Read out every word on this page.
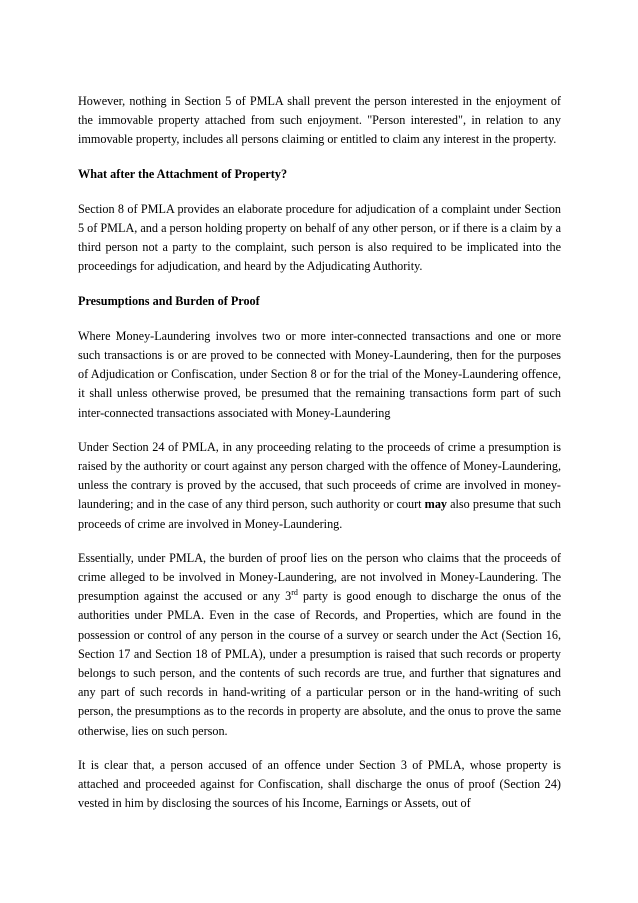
However, nothing in Section 5 of PMLA shall prevent the person interested in the enjoyment of the immovable property attached from such enjoyment. "Person interested", in relation to any immovable property, includes all persons claiming or entitled to claim any interest in the property.

What after the Attachment of Property?

Section 8 of PMLA provides an elaborate procedure for adjudication of a complaint under Section 5 of PMLA, and a person holding property on behalf of any other person, or if there is a claim by a third person not a party to the complaint, such person is also required to be implicated into the proceedings for adjudication, and heard by the Adjudicating Authority.

Presumptions and Burden of Proof

Where Money-Laundering involves two or more inter-connected transactions and one or more such transactions is or are proved to be connected with Money-Laundering, then for the purposes of Adjudication or Confiscation, under Section 8 or for the trial of the Money-Laundering offence, it shall unless otherwise proved, be presumed that the remaining transactions form part of such inter-connected transactions associated with Money-Laundering

Under Section 24 of PMLA, in any proceeding relating to the proceeds of crime a presumption is raised by the authority or court against any person charged with the offence of Money-Laundering, unless the contrary is proved by the accused, that such proceeds of crime are involved in money-laundering; and in the case of any third person, such authority or court may also presume that such proceeds of crime are involved in Money-Laundering.

Essentially, under PMLA, the burden of proof lies on the person who claims that the proceeds of crime alleged to be involved in Money-Laundering, are not involved in Money-Laundering. The presumption against the accused or any 3rd party is good enough to discharge the onus of the authorities under PMLA. Even in the case of Records, and Properties, which are found in the possession or control of any person in the course of a survey or search under the Act (Section 16, Section 17 and Section 18 of PMLA), under a presumption is raised that such records or property belongs to such person, and the contents of such records are true, and further that signatures and any part of such records in hand-writing of a particular person or in the hand-writing of such person, the presumptions as to the records in property are absolute, and the onus to prove the same otherwise, lies on such person.

It is clear that, a person accused of an offence under Section 3 of PMLA, whose property is attached and proceeded against for Confiscation, shall discharge the onus of proof (Section 24) vested in him by disclosing the sources of his Income, Earnings or Assets, out of
